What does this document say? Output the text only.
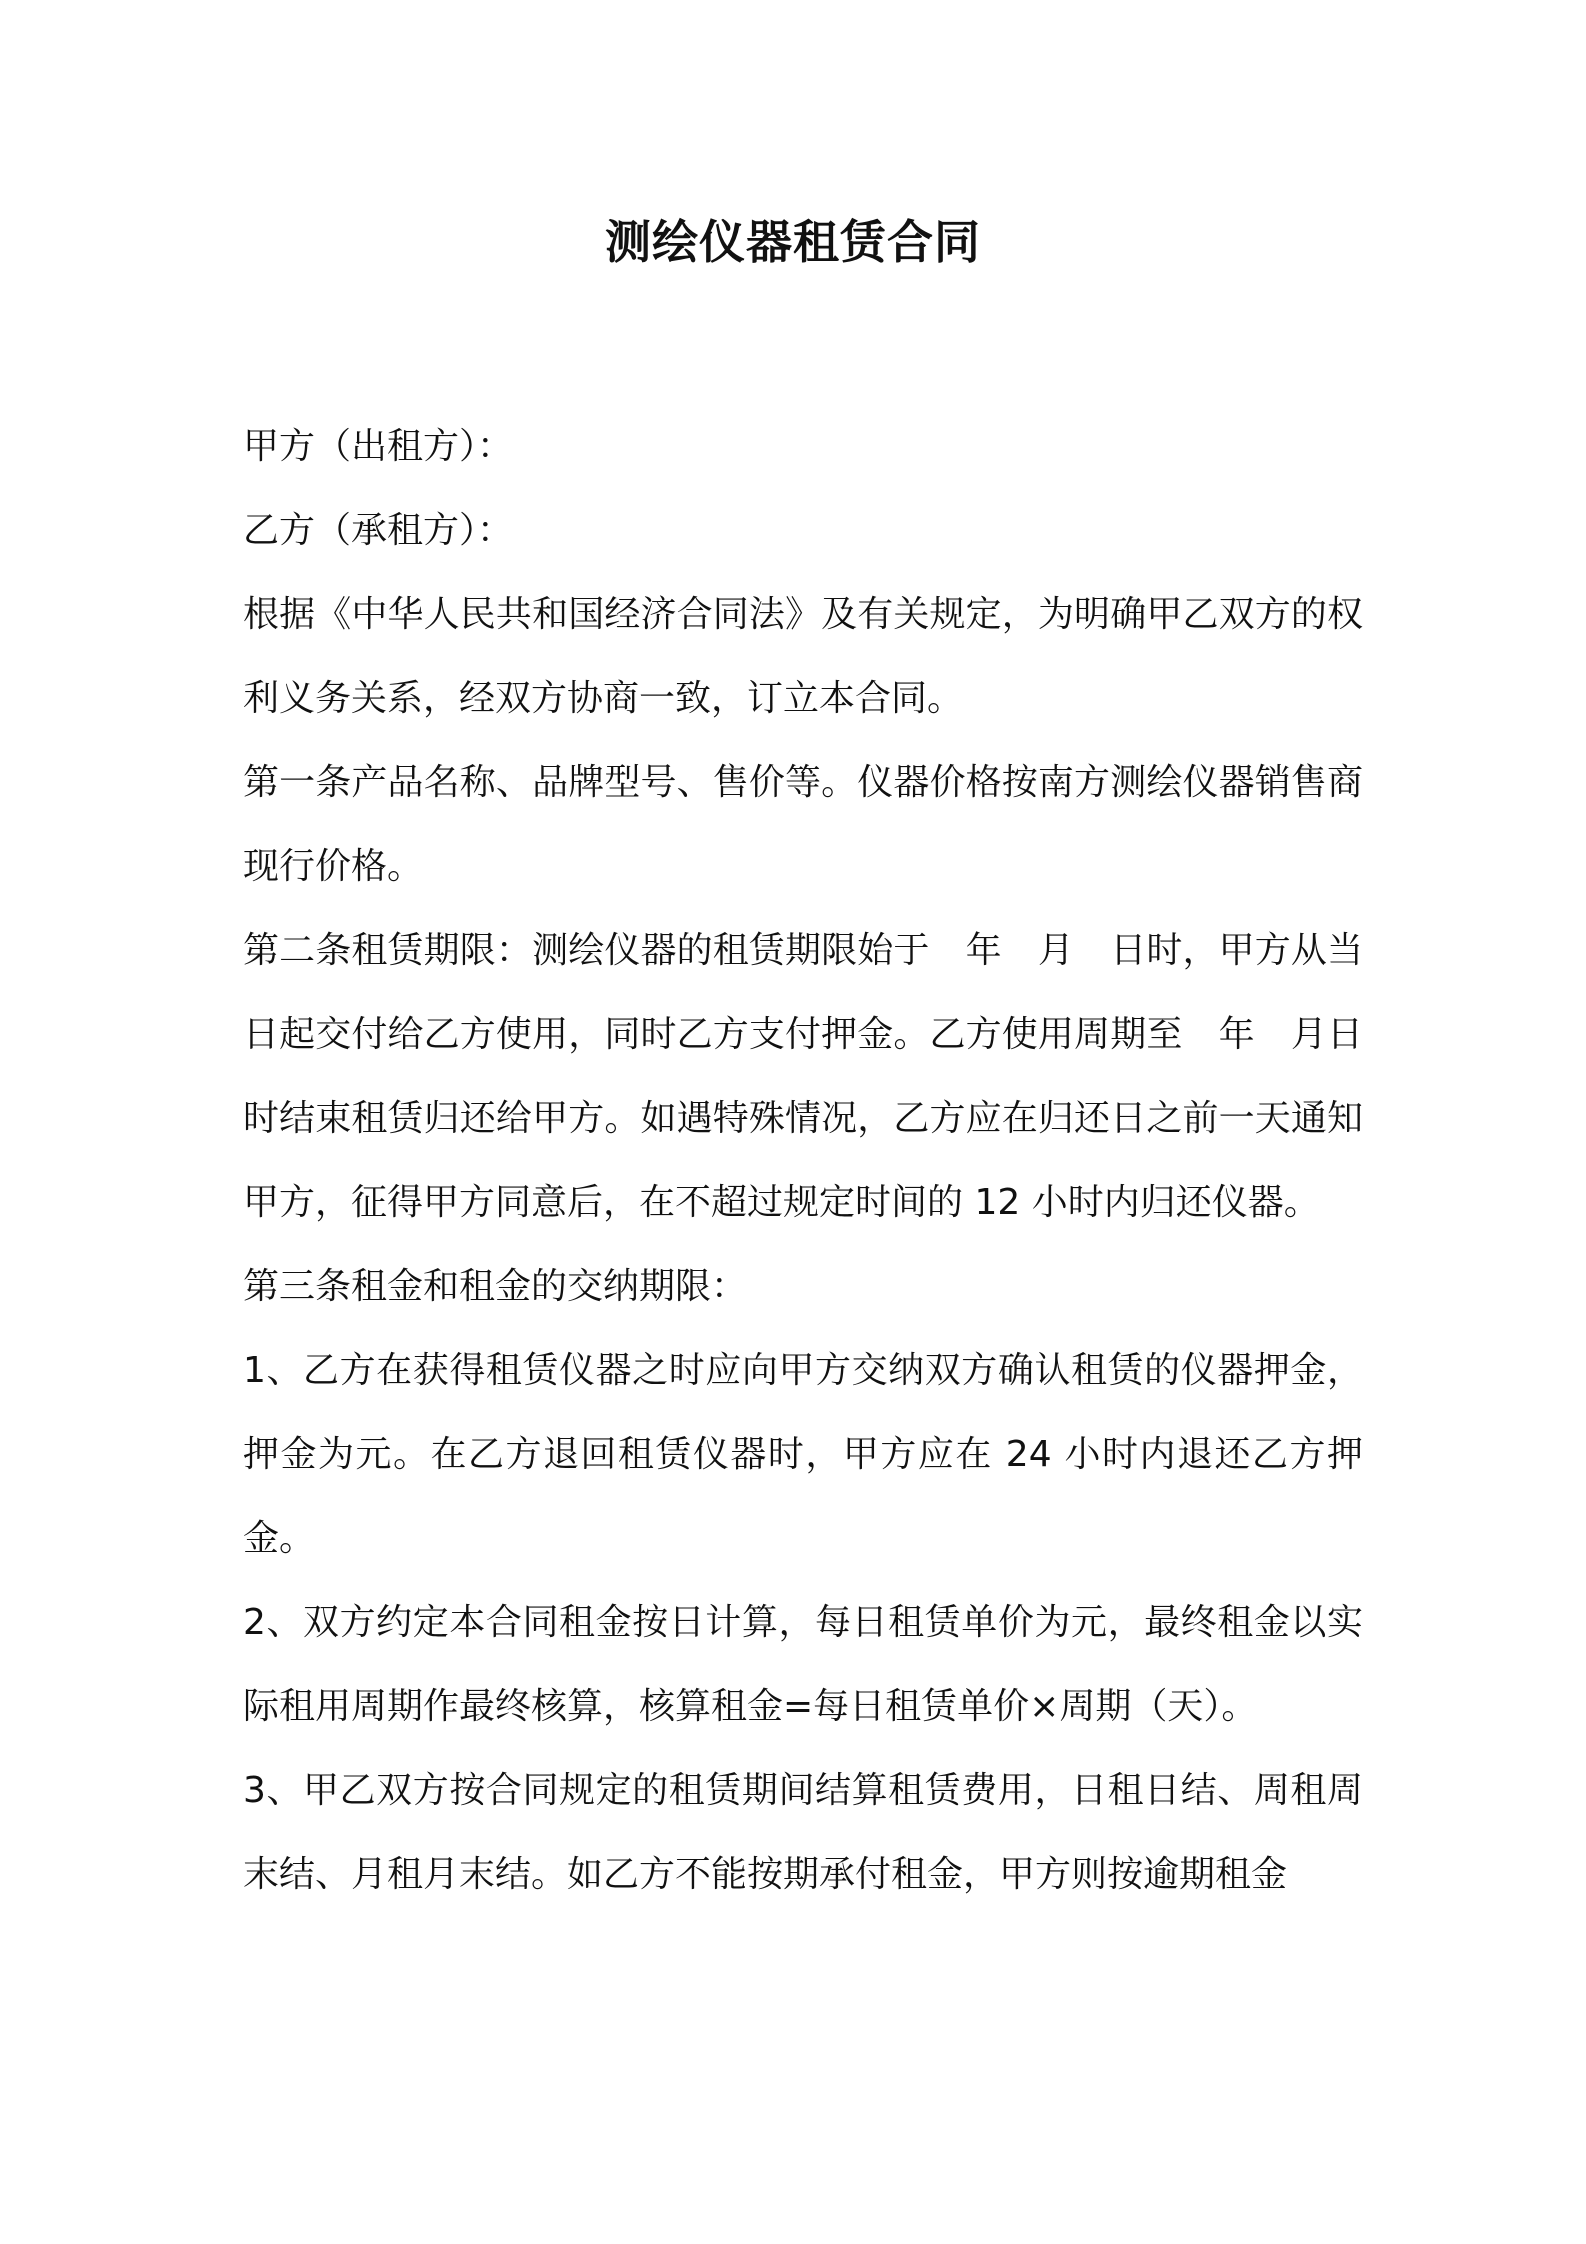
测绘仪器租赁合同

甲方（出租方）：

乙方（承租方）：

根据《中华人民共和国经济合同法》及有关规定，为明确甲乙双方的权利义务关系，经双方协商一致，订立本合同。

第一条产品名称、品牌型号、售价等。仪器价格按南方测绘仪器销售商现行价格。

第二条租赁期限：测绘仪器的租赁期限始于　年　月　日时，甲方从当日起交付给乙方使用，同时乙方支付押金。乙方使用周期至　年　月日时结束租赁归还给甲方。如遇特殊情况，乙方应在归还日之前一天通知甲方，征得甲方同意后，在不超过规定时间的 12 小时内归还仪器。

第三条租金和租金的交纳期限：

1、乙方在获得租赁仪器之时应向甲方交纳双方确认租赁的仪器押金，押金为元。在乙方退回租赁仪器时，甲方应在 24 小时内退还乙方押金。

2、双方约定本合同租金按日计算，每日租赁单价为元，最终租金以实际租用周期作最终核算，核算租金=每日租赁单价×周期（天）。

3、甲乙双方按合同规定的租赁期间结算租赁费用，日租日结、周租周末结、月租月末结。如乙方不能按期承付租金，甲方则按逾期租金
